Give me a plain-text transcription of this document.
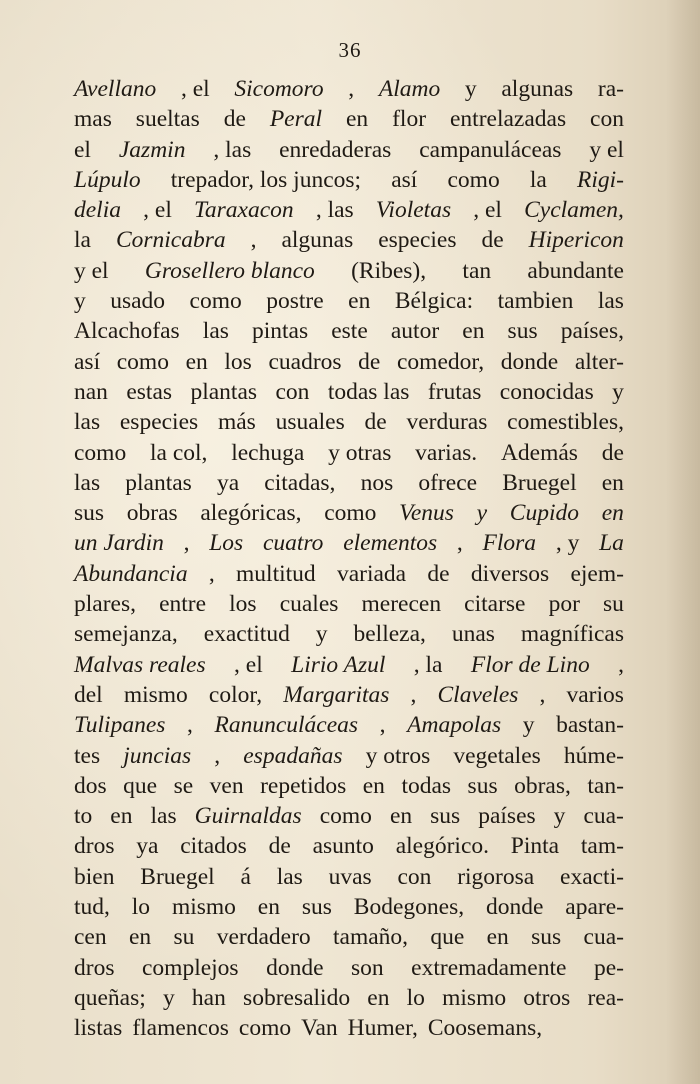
36
Avellano , el Sicomoro , Alamo y algunas ra-
mas sueltas de Peral en flor entrelazadas con
el Jazmin , las enredaderas campanuláceas y el
Lúpulo trepador, los juncos; así como la Rigi-
delia , el Taraxacon , las Violetas , el Cyclamen,
la Cornicabra , algunas especies de Hipericon
y el Grosellero blanco (Ribes), tan abundante
y usado como postre en Bélgica: tambien las
Alcachofas las pintas este autor en sus países,
así como en los cuadros de comedor, donde alter-
nan estas plantas con todas las frutas conocidas y
las especies más usuales de verduras comestibles,
como la col, lechuga y otras varias. Además de
las plantas ya citadas, nos ofrece Bruegel en
sus obras alegóricas, como Venus y Cupido en
un Jardin , Los cuatro elementos , Flora , y La
Abundancia , multitud variada de diversos ejem-
plares, entre los cuales merecen citarse por su
semejanza, exactitud y belleza, unas magníficas
Malvas reales , el Lirio Azul , la Flor de Lino ,
del mismo color, Margaritas , Claveles , varios
Tulipanes , Ranunculáceas , Amapolas y bastan-
tes juncias , espadañas y otros vegetales húme-
dos que se ven repetidos en todas sus obras, tan-
to en las Guirnaldas como en sus países y cua-
dros ya citados de asunto alegórico. Pinta tam-
bien Bruegel á las uvas con rigorosa exacti-
tud, lo mismo en sus Bodegones, donde apare-
cen en su verdadero tamaño, que en sus cua-
dros complejos donde son extremadamente pe-
queñas; y han sobresalido en lo mismo otros rea-
listas flamencos como Van Humer, Coosemans,
